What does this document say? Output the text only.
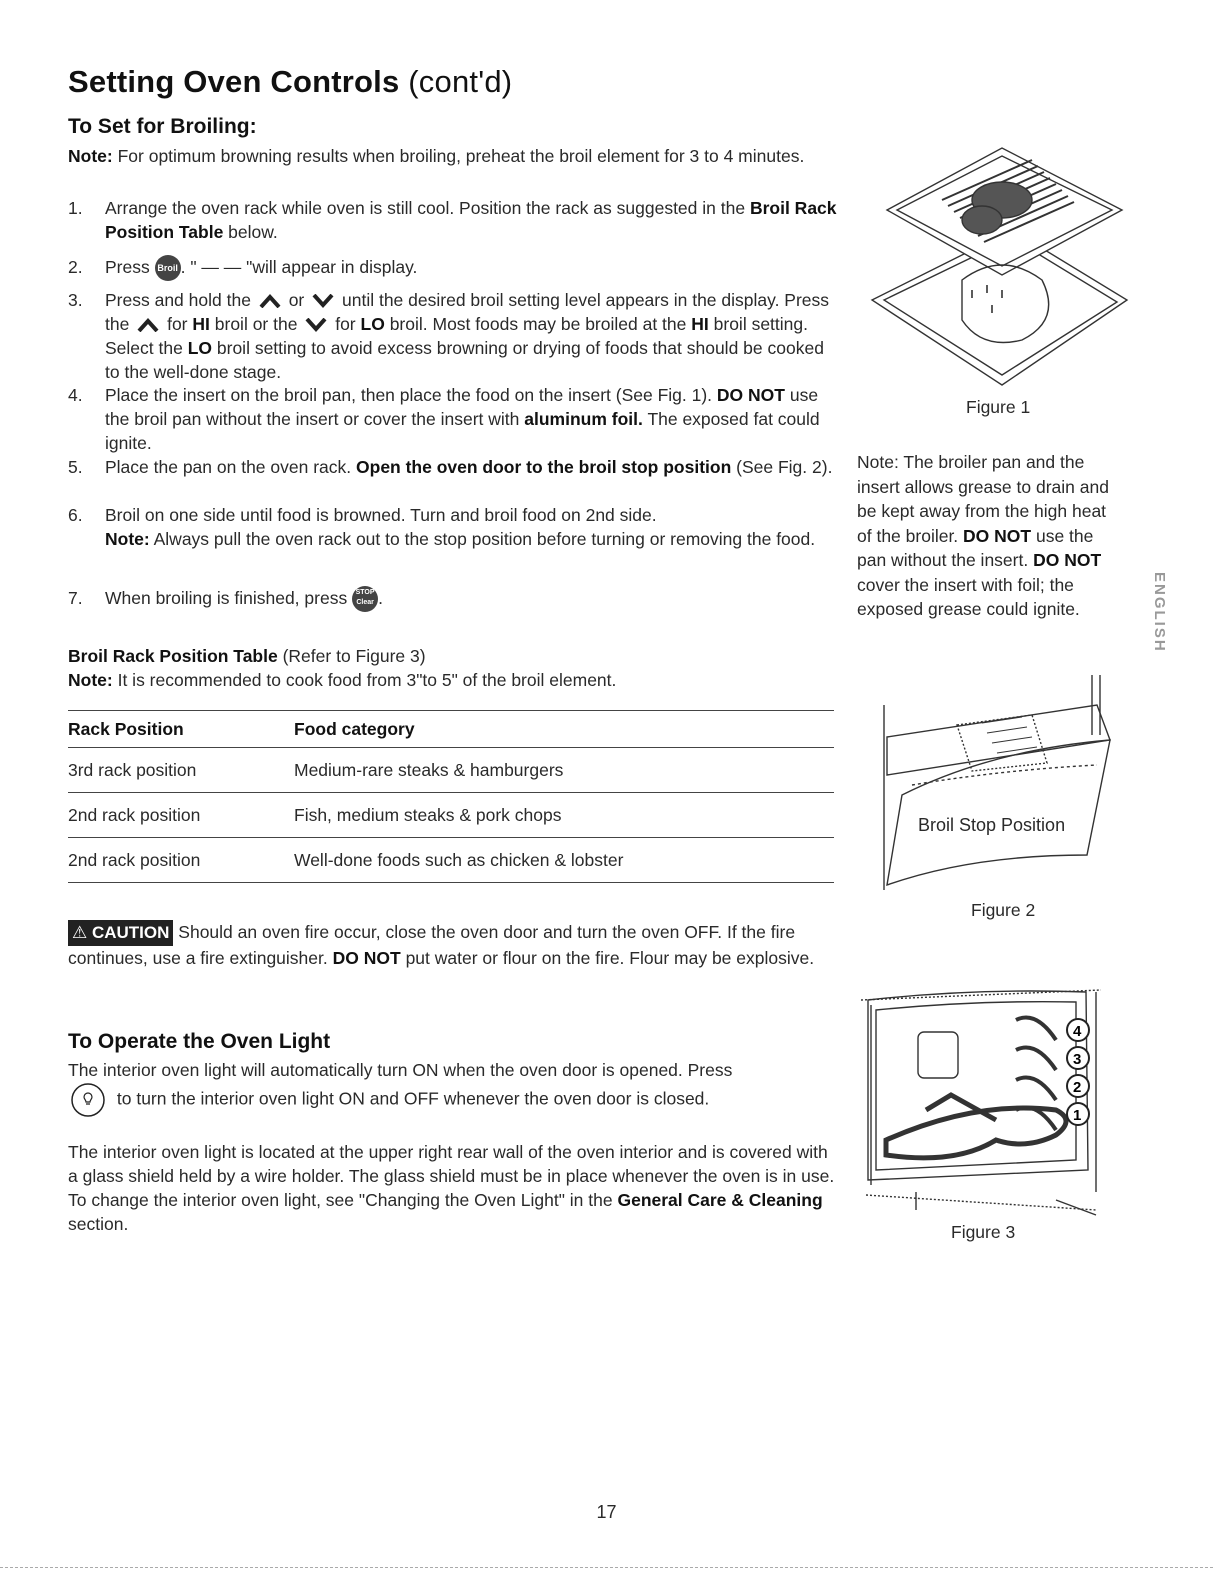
Setting Oven Controls (cont'd)
To Set for Broiling:
Note: For optimum browning results when broiling, preheat the broil element for 3 to 4 minutes.
1. Arrange the oven rack while oven is still cool. Position the rack as suggested in the Broil Rack Position Table below.
2. Press Broil . " — — "will appear in display.
3. Press and hold the or until the desired broil setting level appears in the display. Press the for HI broil or the for LO broil. Most foods may be broiled at the HI broil setting. Select the LO broil setting to avoid excess browning or drying of foods that should be cooked to the well-done stage.
4. Place the insert on the broil pan, then place the food on the insert (See Fig. 1). DO NOT use the broil pan without the insert or cover the insert with aluminum foil. The exposed fat could ignite.
5. Place the pan on the oven rack. Open the oven door to the broil stop position (See Fig. 2).
6. Broil on one side until food is browned. Turn and broil food on 2nd side.
Note: Always pull the oven rack out to the stop position before turning or removing the food.
7. When broiling is finished, press STOP
Clear .
Broil Rack Position Table (Refer to Figure 3)
Note: It is recommended to cook food from 3"to 5" of the broil element.
Rack Position	Food category
3rd rack position	Medium-rare steaks & hamburgers
2nd rack position	Fish, medium steaks & pork chops
2nd rack position	Well-done foods such as chicken & lobster
⚠ CAUTION Should an oven fire occur, close the oven door and turn the oven OFF. If the fire continues, use a fire extinguisher. DO NOT put water or flour on the fire. Flour may be explosive.
To Operate the Oven Light
The interior oven light will automatically turn ON when the oven door is opened. Press
to turn the interior oven light ON and OFF whenever the oven door is closed.
The interior oven light is located at the upper right rear wall of the oven interior and is covered with a glass shield held by a wire holder. The glass shield must be in place whenever the oven is in use. To change the interior oven light, see "Changing the Oven Light" in the General Care & Cleaning section.
Figure 1
Note: The broiler pan and the insert allows grease to drain and be kept away from the high heat of the broiler. DO NOT use the pan without the insert. DO NOT cover the insert with foil; the exposed grease could ignite.	ENGLISH
Broil Stop Position
Figure 2
4
3
2
1
Figure 3
17
